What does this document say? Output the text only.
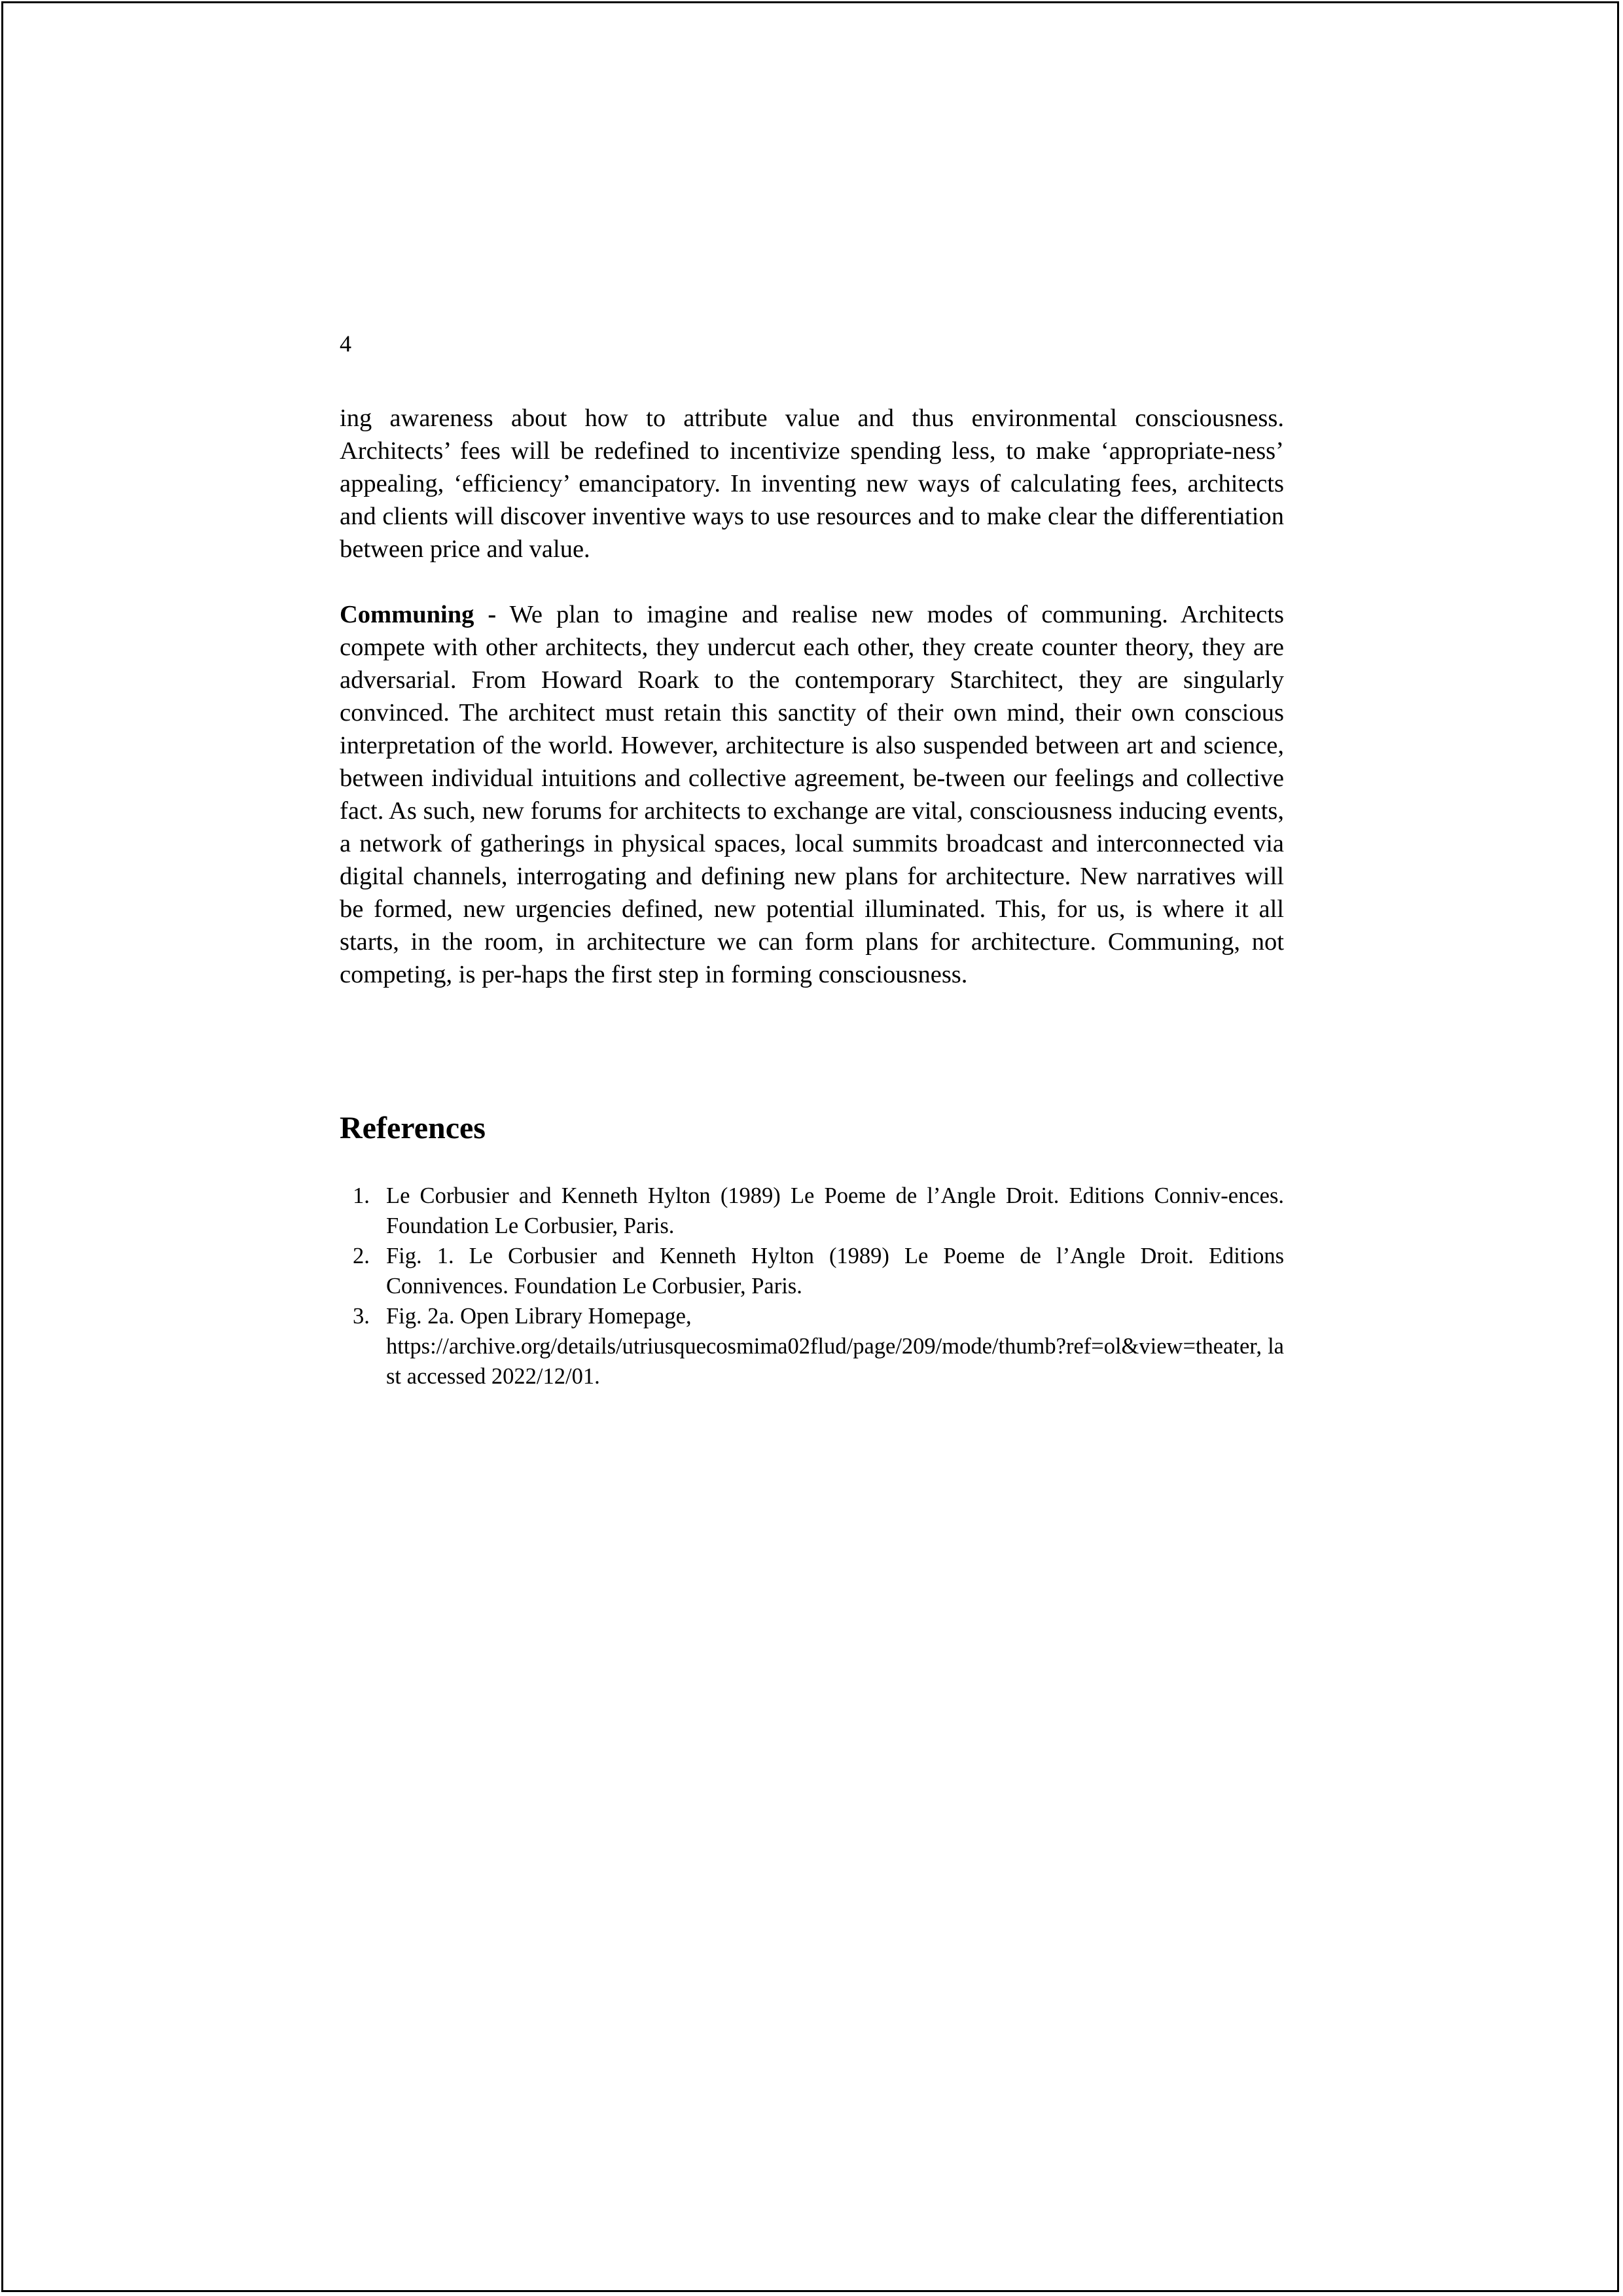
4

ing awareness about how to attribute value and thus environmental consciousness. Architects’ fees will be redefined to incentivize spending less, to make ‘appropriate-ness’ appealing, ‘efficiency’ emancipatory. In inventing new ways of calculating fees, architects and clients will discover inventive ways to use resources and to make clear the differentiation between price and value.

Communing - We plan to imagine and realise new modes of communing. Architects compete with other architects, they undercut each other, they create counter theory, they are adversarial. From Howard Roark to the contemporary Starchitect, they are singularly convinced. The architect must retain this sanctity of their own mind, their own conscious interpretation of the world. However, architecture is also suspended between art and science, between individual intuitions and collective agreement, be-tween our feelings and collective fact. As such, new forums for architects to exchange are vital, consciousness inducing events, a network of gatherings in physical spaces, local summits broadcast and interconnected via digital channels, interrogating and defining new plans for architecture. New narratives will be formed, new urgencies defined, new potential illuminated. This, for us, is where it all starts, in the room, in architecture we can form plans for architecture. Communing, not competing, is per-haps the first step in forming consciousness.

References
1. Le Corbusier and Kenneth Hylton (1989) Le Poeme de l’Angle Droit. Editions Conniv-ences. Foundation Le Corbusier, Paris.
2. Fig. 1. Le Corbusier and Kenneth Hylton (1989) Le Poeme de l’Angle Droit. Editions Connivences. Foundation Le Corbusier, Paris.
3. Fig. 2a. Open Library Homepage,
https://archive.org/details/utriusquecosmima02flud/page/209/mode/thumb?ref=ol&view=theater, last accessed 2022/12/01.
